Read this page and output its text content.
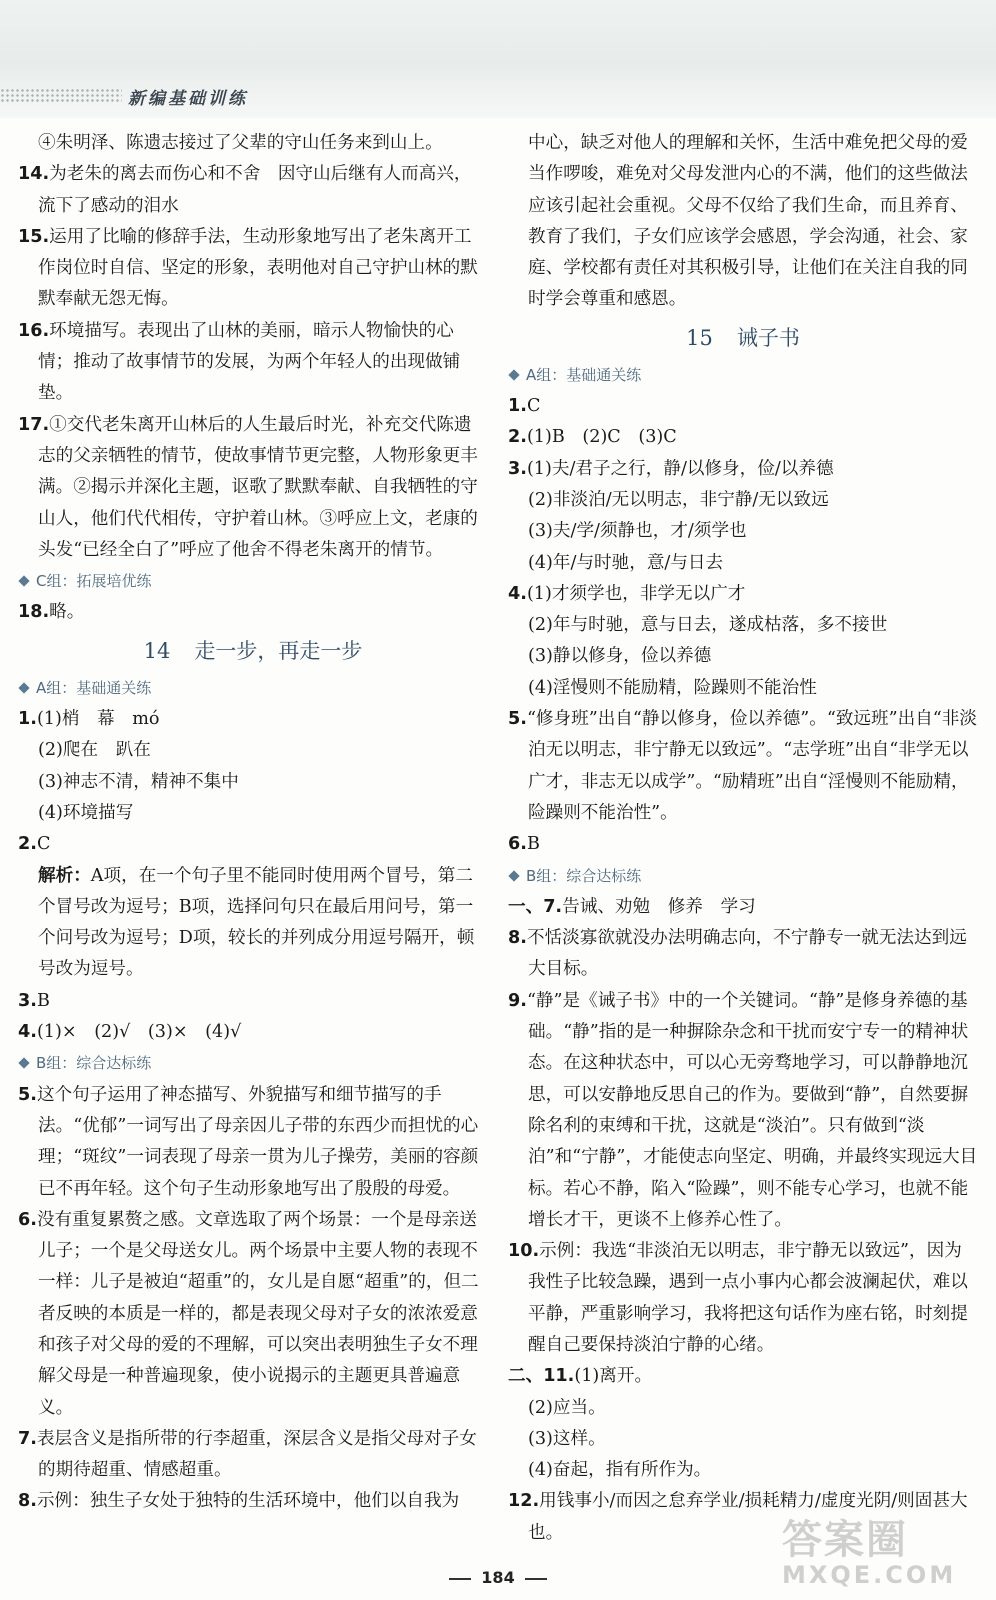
新编基础训练

④朱明泽、陈遗志接过了父辈的守山任务来到山上。

14.为老朱的离去而伤心和不舍　因守山后继有人而高兴，流下了感动的泪水

15.运用了比喻的修辞手法，生动形象地写出了老朱离开工作岗位时自信、坚定的形象，表明他对自己守护山林的默默奉献无怨无悔。

16.环境描写。表现出了山林的美丽，暗示人物愉快的心情；推动了故事情节的发展，为两个年轻人的出现做铺垫。

17.①交代老朱离开山林后的人生最后时光，补充交代陈遗志的父亲牺牲的情节，使故事情节更完整，人物形象更丰满。②揭示并深化主题，讴歌了默默奉献、自我牺牲的守山人，他们代代相传，守护着山林。③呼应上文，老康的头发“已经全白了”呼应了他舍不得老朱离开的情节。

C组：拓展培优练

18.略。

14 走一步，再走一步

A组：基础通关练

1.(1)梢　幕　mó

(2)爬在　趴在

(3)神志不清，精神不集中

(4)环境描写

2.C

解析：A项，在一个句子里不能同时使用两个冒号，第二个冒号改为逗号；B项，选择问句只在最后用问号，第一个问号改为逗号；D项，较长的并列成分用逗号隔开，顿号改为逗号。

3.B

4.(1)×　(2)√　(3)×　(4)√

B组：综合达标练

5.这个句子运用了神态描写、外貌描写和细节描写的手法。“优郁”一词写出了母亲因儿子带的东西少而担忧的心理；“斑纹”一词表现了母亲一贯为儿子操劳，美丽的容颜已不再年轻。这个句子生动形象地写出了殷殷的母爱。

6.没有重复累赘之感。文章选取了两个场景：一个是母亲送儿子；一个是父母送女儿。两个场景中主要人物的表现不一样：儿子是被迫“超重”的，女儿是自愿“超重”的，但二者反映的本质是一样的，都是表现父母对子女的浓浓爱意和孩子对父母的爱的不理解，可以突出表明独生子女不理解父母是一种普遍现象，使小说揭示的主题更具普遍意义。

7.表层含义是指所带的行李超重，深层含义是指父母对子女的期待超重、情感超重。

8.示例：独生子女处于独特的生活环境中，他们以自我为

中心，缺乏对他人的理解和关怀，生活中难免把父母的爱当作啰唆，难免对父母发泄内心的不满，他们的这些做法应该引起社会重视。父母不仅给了我们生命，而且养育、教育了我们，子女们应该学会感恩，学会沟通，社会、家庭、学校都有责任对其积极引导，让他们在关注自我的同时学会尊重和感恩。

15 诫子书

A组：基础通关练

1.C

2.(1)B　(2)C　(3)C

3.(1)夫/君子之行，静/以修身，俭/以养德

(2)非淡泊/无以明志，非宁静/无以致远

(3)夫/学/须静也，才/须学也

(4)年/与时驰，意/与日去

4.(1)才须学也，非学无以广才

(2)年与时驰，意与日去，遂成枯落，多不接世

(3)静以修身，俭以养德

(4)淫慢则不能励精，险躁则不能治性

5.“修身班”出自“静以修身，俭以养德”。“致远班”出自“非淡泊无以明志，非宁静无以致远”。“志学班”出自“非学无以广才，非志无以成学”。“励精班”出自“淫慢则不能励精，险躁则不能治性”。

6.B

B组：综合达标练

一、7.告诫、劝勉　修养　学习

8.不恬淡寡欲就没办法明确志向，不宁静专一就无法达到远大目标。

9.“静”是《诫子书》中的一个关键词。“静”是修身养德的基础。“静”指的是一种摒除杂念和干扰而安宁专一的精神状态。在这种状态中，可以心无旁骛地学习，可以静静地沉思，可以安静地反思自己的作为。要做到“静”，自然要摒除名利的束缚和干扰，这就是“淡泊”。只有做到“淡泊”和“宁静”，才能使志向坚定、明确，并最终实现远大目标。若心不静，陷入“险躁”，则不能专心学习，也就不能增长才干，更谈不上修养心性了。

10.示例：我选“非淡泊无以明志，非宁静无以致远”，因为我性子比较急躁，遇到一点小事内心都会波澜起伏，难以平静，严重影响学习，我将把这句话作为座右铭，时刻提醒自己要保持淡泊宁静的心绪。

二、11.(1)离开。

(2)应当。

(3)这样。

(4)奋起，指有所作为。

12.用钱事小/而因之怠弃学业/损耗精力/虚度光阴/则固甚大也。

184
答案圈
MXQE.COM
